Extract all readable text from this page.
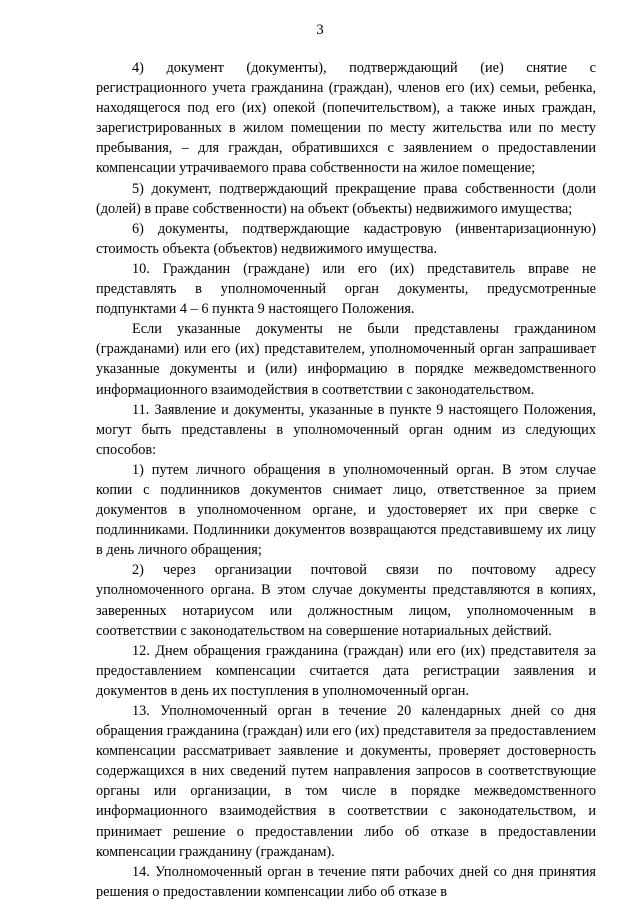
3

4) документ (документы), подтверждающий (ие) снятие с регистрационного учета гражданина (граждан), членов его (их) семьи, ребенка, находящегося под его (их) опекой (попечительством), а также иных граждан, зарегистрированных в жилом помещении по месту жительства или по месту пребывания, – для граждан, обратившихся с заявлением о предоставлении компенсации утрачиваемого права собственности на жилое помещение;

5) документ, подтверждающий прекращение права собственности (доли (долей) в праве собственности) на объект (объекты) недвижимого имущества;

6) документы, подтверждающие кадастровую (инвентаризационную) стоимость объекта (объектов) недвижимого имущества.

10. Гражданин (граждане) или его (их) представитель вправе не представлять в уполномоченный орган документы, предусмотренные подпунктами 4 – 6 пункта 9 настоящего Положения.

Если указанные документы не были представлены гражданином (гражданами) или его (их) представителем, уполномоченный орган запрашивает указанные документы и (или) информацию в порядке межведомственного информационного взаимодействия в соответствии с законодательством.

11. Заявление и документы, указанные в пункте 9 настоящего Положения, могут быть представлены в уполномоченный орган одним из следующих способов:

1) путем личного обращения в уполномоченный орган. В этом случае копии с подлинников документов снимает лицо, ответственное за прием документов в уполномоченном органе, и удостоверяет их при сверке с подлинниками. Подлинники документов возвращаются представившему их лицу в день личного обращения;

2) через организации почтовой связи по почтовому адресу уполномоченного органа. В этом случае документы представляются в копиях, заверенных нотариусом или должностным лицом, уполномоченным в соответствии с законодательством на совершение нотариальных действий.

12. Днем обращения гражданина (граждан) или его (их) представителя за предоставлением компенсации считается дата регистрации заявления и документов в день их поступления в уполномоченный орган.

13. Уполномоченный орган в течение 20 календарных дней со дня обращения гражданина (граждан) или его (их) представителя за предоставлением компенсации рассматривает заявление и документы, проверяет достоверность содержащихся в них сведений путем направления запросов в соответствующие органы или организации, в том числе в порядке межведомственного информационного взаимодействия в соответствии с законодательством, и принимает решение о предоставлении либо об отказе в предоставлении компенсации гражданину (гражданам).

14. Уполномоченный орган в течение пяти рабочих дней со дня принятия решения о предоставлении компенсации либо об отказе в
